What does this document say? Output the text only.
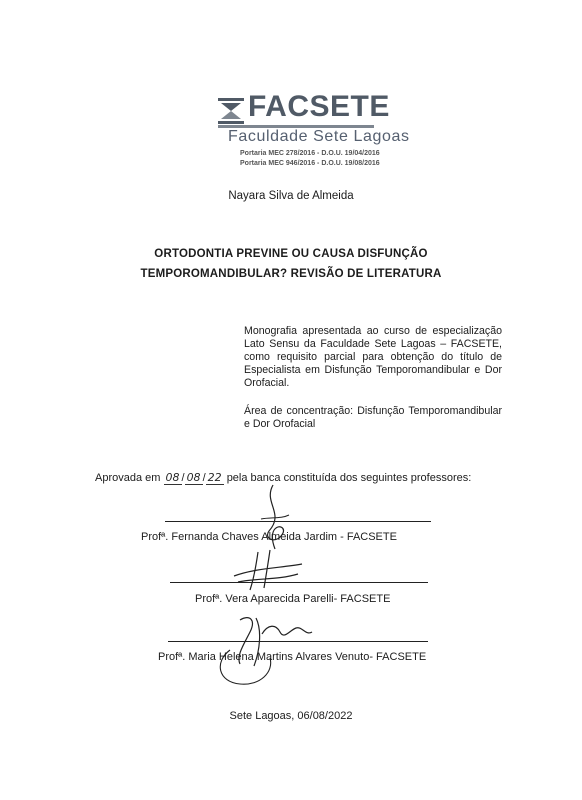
FACSETE
Faculdade Sete Lagoas
Portaria MEC 278/2016 - D.O.U. 19/04/2016
Portaria MEC 946/2016 - D.O.U. 19/08/2016
Nayara Silva de Almeida
ORTODONTIA PREVINE OU CAUSA DISFUNÇÃO
TEMPOROMANDIBULAR? REVISÃO DE LITERATURA
Monografia apresentada ao curso de especialização Lato Sensu da Faculdade Sete Lagoas – FACSETE, como requisito parcial para obtenção do título de Especialista em Disfunção Temporomandibular e Dor Orofacial.
Área de concentração: Disfunção Temporomandibular e Dor Orofacial
Aprovada em 08 / 08 / 22 pela banca constituída dos seguintes professores:
Profª. Fernanda Chaves Almeida Jardim - FACSETE
Profª. Vera Aparecida Parelli- FACSETE
Profª. Maria Helena Martins Alvares Venuto- FACSETE
Sete Lagoas, 06/08/2022
